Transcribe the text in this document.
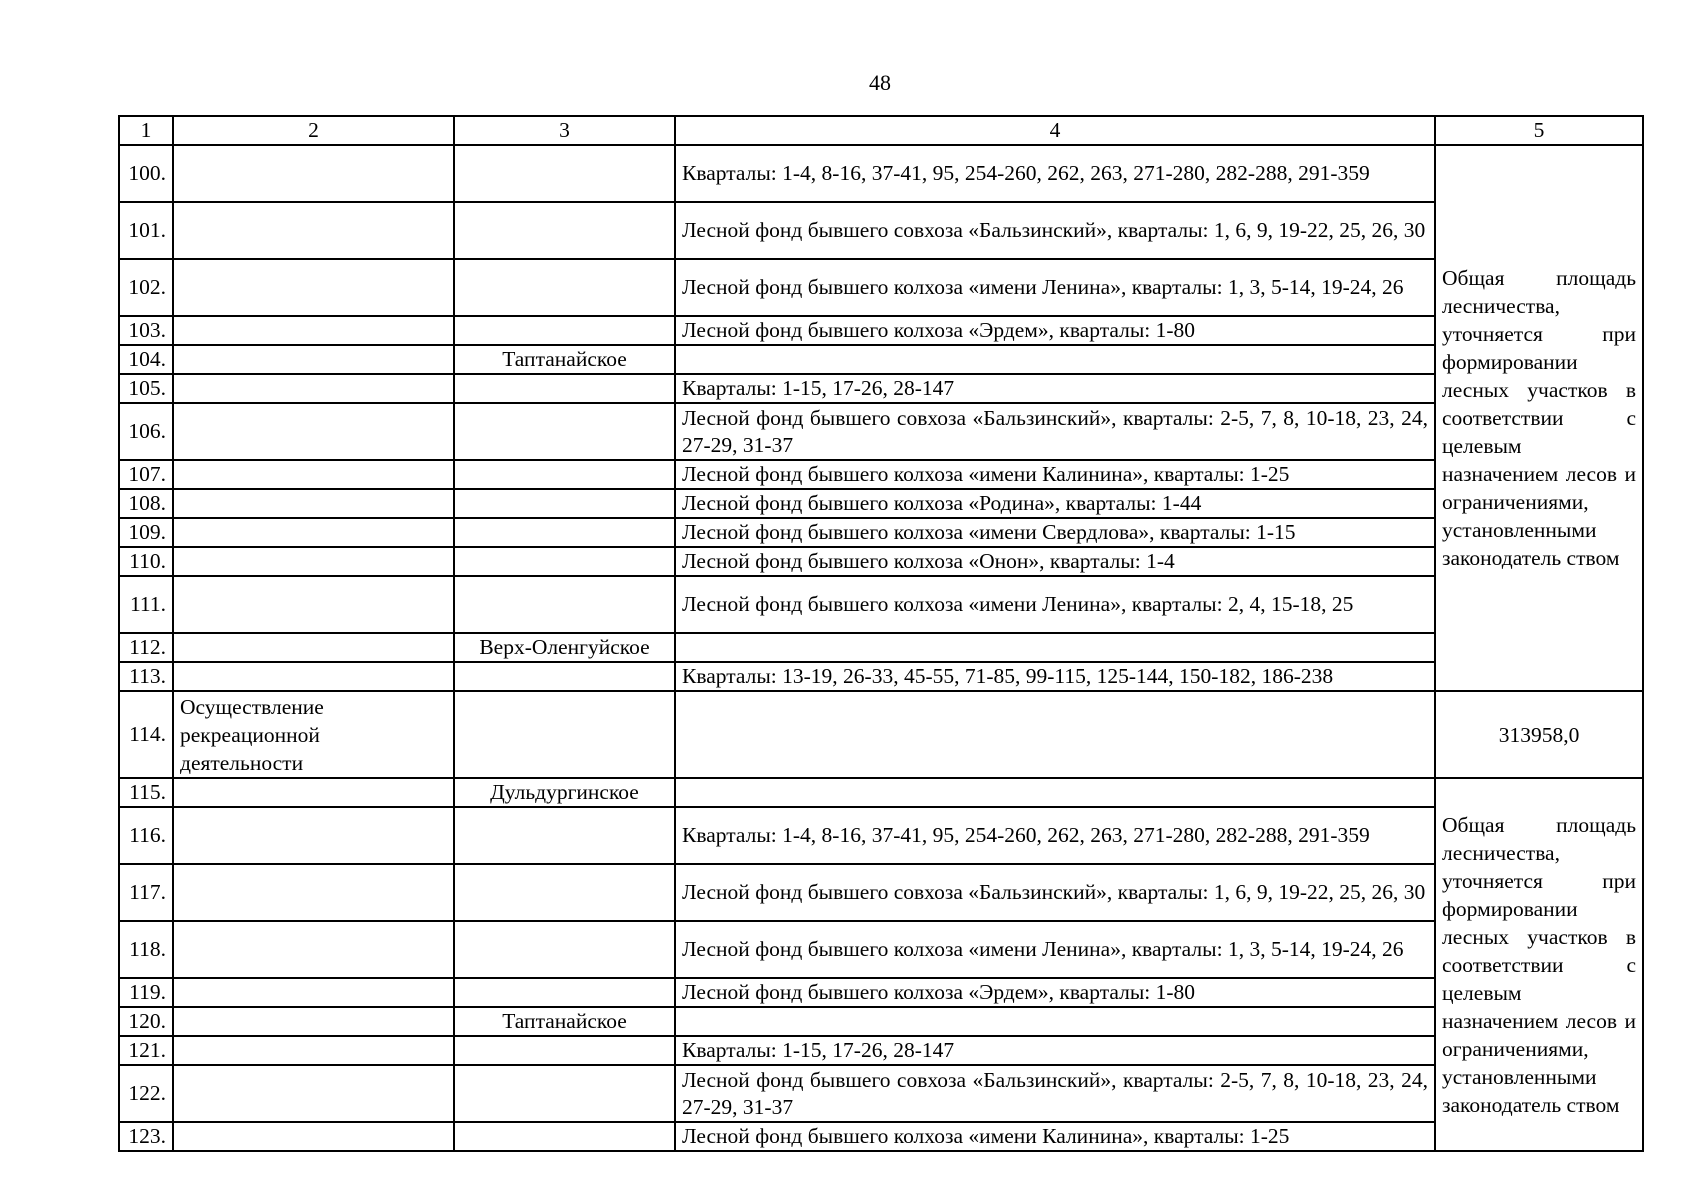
48
1	2	3	4	5
100.			Кварталы: 1-4, 8-16, 37-41, 95, 254-260, 262, 263, 271-280, 282-288, 291-359	Общая площадь лесничества, уточняется при формировании лесных участков в соответствии с целевым назначением лесов и ограничениями, установленными законодатель ством
101.			Лесной фонд бывшего совхоза «Бальзинский», кварталы: 1, 6, 9, 19-22, 25, 26, 30	
102.			Лесной фонд бывшего колхоза «имени Ленина», кварталы: 1, 3, 5-14, 19-24, 26	
103.			Лесной фонд бывшего колхоза «Эрдем», кварталы: 1-80	
104.		Таптанайское		
105.			Кварталы: 1-15, 17-26, 28-147	
106.			Лесной фонд бывшего совхоза «Бальзинский», кварталы: 2-5, 7, 8, 10-18, 23, 24, 27-29, 31-37	
107.			Лесной фонд бывшего колхоза «имени Калинина», кварталы: 1-25	
108.			Лесной фонд бывшего колхоза «Родина», кварталы: 1-44	
109.			Лесной фонд бывшего колхоза «имени Свердлова», кварталы: 1-15	
110.			Лесной фонд бывшего колхоза «Онон», кварталы: 1-4	
111.			Лесной фонд бывшего колхоза «имени Ленина», кварталы: 2, 4, 15-18, 25	
112.		Верх-Оленгуйское		
113.			Кварталы: 13-19, 26-33, 45-55, 71-85, 99-115, 125-144, 150-182, 186-238	
114.	Осуществление рекреационной деятельности			313958,0
115.		Дульдургинское		Общая площадь лесничества, уточняется при формировании лесных участков в соответствии с целевым назначением лесов и ограничениями, установленными законодатель ством
116.			Кварталы: 1-4, 8-16, 37-41, 95, 254-260, 262, 263, 271-280, 282-288, 291-359	
117.			Лесной фонд бывшего совхоза «Бальзинский», кварталы: 1, 6, 9, 19-22, 25, 26, 30	
118.			Лесной фонд бывшего колхоза «имени Ленина», кварталы: 1, 3, 5-14, 19-24, 26	
119.			Лесной фонд бывшего колхоза «Эрдем», кварталы: 1-80	
120.		Таптанайское		
121.			Кварталы: 1-15, 17-26, 28-147	
122.			Лесной фонд бывшего совхоза «Бальзинский», кварталы: 2-5, 7, 8, 10-18, 23, 24, 27-29, 31-37	
123.			Лесной фонд бывшего колхоза «имени Калинина», кварталы: 1-25	
